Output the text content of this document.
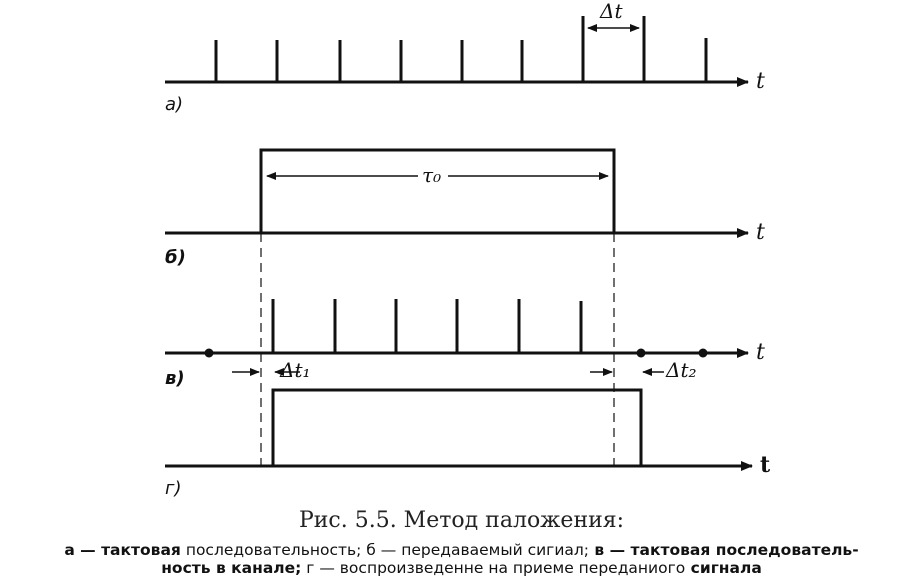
Δt
t
а)
τ₀
t
б)
Δt₁	Δt₂
t
в)
t
г)
Рис. 5.5. Метод паложения:
а — тактовая последовательность; б — передаваемый сигиал; в — тактовая последователь-
ность в канале; г — воспроизведенне на приеме переданиого сигнала
